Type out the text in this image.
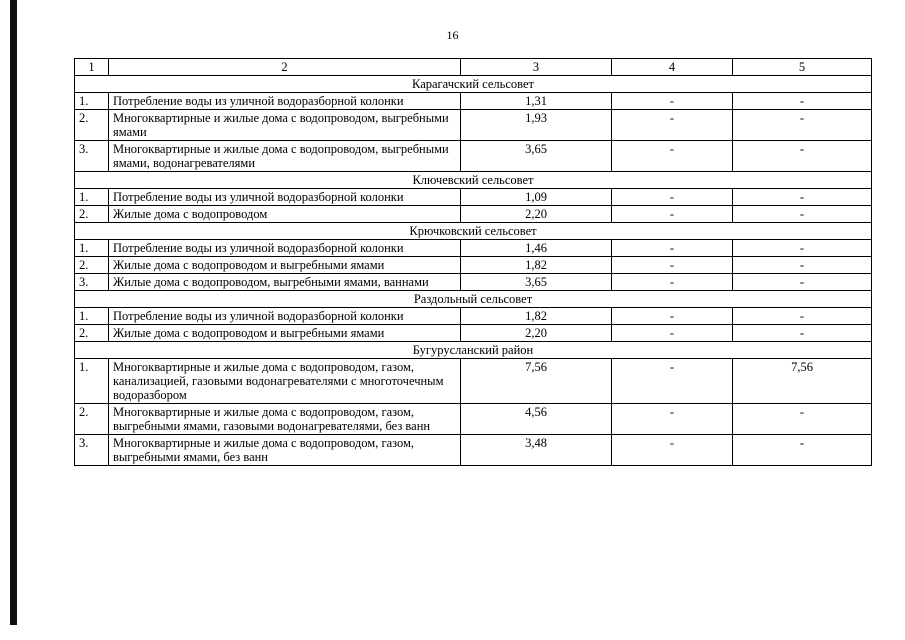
16
1	2	3	4	5
Карагачский сельсовет				
1.	Потребление воды из уличной водоразборной колонки	1,31	-	-
2.	Многоквартирные и жилые дома с водопроводом, выгребными ямами	1,93	-	-
3.	Многоквартирные и жилые дома с водопроводом, выгребными ямами, водонагревателями	3,65	-	-
Ключевский сельсовет				
1.	Потребление воды из уличной водоразборной колонки	1,09	-	-
2.	Жилые дома с водопроводом	2,20	-	-
Крючковский сельсовет				
1.	Потребление воды из уличной водоразборной колонки	1,46	-	-
2.	Жилые дома с водопроводом и выгребными ямами	1,82	-	-
3.	Жилые дома с водопроводом, выгребными ямами, ваннами	3,65	-	-
Раздольный сельсовет				
1.	Потребление воды из уличной водоразборной колонки	1,82	-	-
2.	Жилые дома с водопроводом и выгребными ямами	2,20	-	-
Бугурусланский район				
1.	Многоквартирные и жилые дома с водопроводом, газом, канализацией, газовыми водонагревателями с многоточечным водоразбором	7,56	-	7,56
2.	Многоквартирные и жилые дома с водопроводом, газом, выгребными ямами, газовыми водонагревателями, без ванн	4,56	-	-
3.	Многоквартирные и жилые дома с водопроводом, газом, выгребными ямами, без ванн	3,48	-	-
